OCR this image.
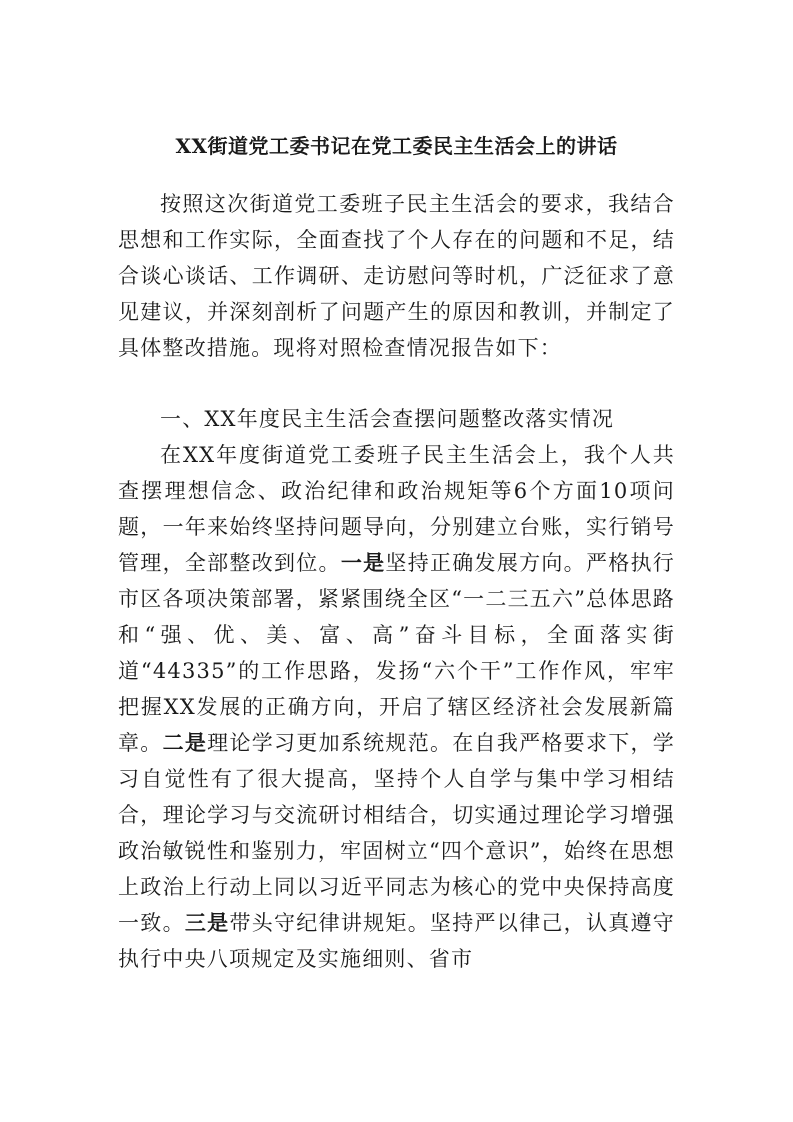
XX街道党工委书记在党工委民主生活会上的讲话

按照这次街道党工委班子民主生活会的要求，我结合思想和工作实际，全面查找了个人存在的问题和不足，结合谈心谈话、工作调研、走访慰问等时机，广泛征求了意见建议，并深刻剖析了问题产生的原因和教训，并制定了具体整改措施。现将对照检查情况报告如下：

一、XX年度民主生活会查摆问题整改落实情况

在XX年度街道党工委班子民主生活会上，我个人共查摆理想信念、政治纪律和政治规矩等6个方面10项问题，一年来始终坚持问题导向，分别建立台账，实行销号管理，全部整改到位。一是坚持正确发展方向。严格执行市区各项决策部署，紧紧围绕全区“一二三五六”总体思路和“强、优、美、富、高”奋斗目标，全面落实街道“44335”的工作思路，发扬“六个干”工作作风，牢牢把握XX发展的正确方向，开启了辖区经济社会发展新篇章。二是理论学习更加系统规范。在自我严格要求下，学习自觉性有了很大提高，坚持个人自学与集中学习相结合，理论学习与交流研讨相结合，切实通过理论学习增强政治敏锐性和鉴别力，牢固树立“四个意识”，始终在思想上政治上行动上同以习近平同志为核心的党中央保持高度一致。三是带头守纪律讲规矩。坚持严以律己，认真遵守执行中央八项规定及实施细则、省市
